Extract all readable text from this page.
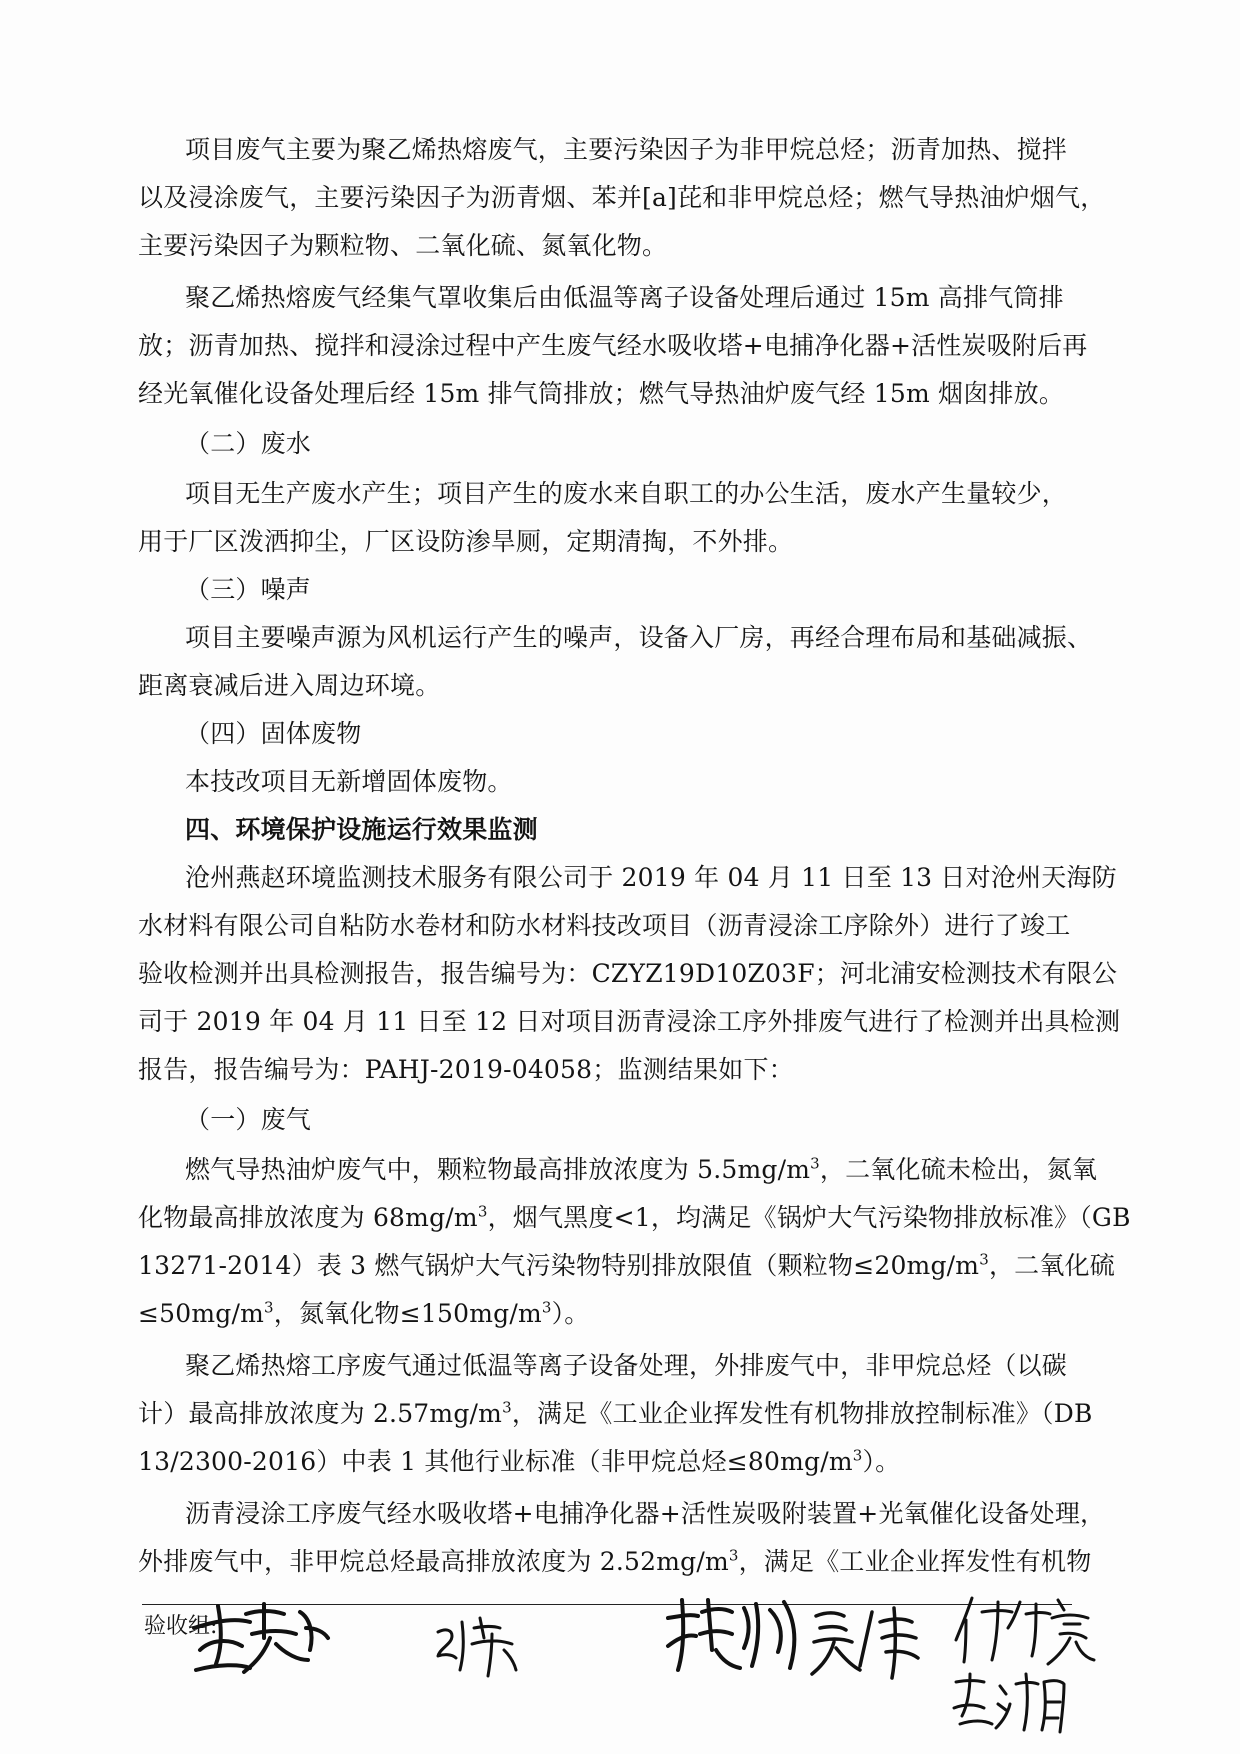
项目废气主要为聚乙烯热熔废气，主要污染因子为非甲烷总烃；沥青加热、搅拌
以及浸涂废气，主要污染因子为沥青烟、苯并[a]芘和非甲烷总烃；燃气导热油炉烟气，
主要污染因子为颗粒物、二氧化硫、氮氧化物。
聚乙烯热熔废气经集气罩收集后由低温等离子设备处理后通过 15m 高排气筒排
放；沥青加热、搅拌和浸涂过程中产生废气经水吸收塔+电捕净化器+活性炭吸附后再
经光氧催化设备处理后经 15m 排气筒排放；燃气导热油炉废气经 15m 烟囱排放。
（二）废水
项目无生产废水产生；项目产生的废水来自职工的办公生活，废水产生量较少，
用于厂区泼洒抑尘，厂区设防渗旱厕，定期清掏，不外排。
（三）噪声
项目主要噪声源为风机运行产生的噪声，设备入厂房，再经合理布局和基础减振、
距离衰减后进入周边环境。
（四）固体废物
本技改项目无新增固体废物。
四、环境保护设施运行效果监测
沧州燕赵环境监测技术服务有限公司于 2019 年 04 月 11 日至 13 日对沧州天海防
水材料有限公司自粘防水卷材和防水材料技改项目（沥青浸涂工序除外）进行了竣工
验收检测并出具检测报告，报告编号为：CZYZ19D10Z03F；河北浦安检测技术有限公
司于 2019 年 04 月 11 日至 12 日对项目沥青浸涂工序外排废气进行了检测并出具检测
报告，报告编号为：PAHJ-2019-04058；监测结果如下：
（一）废气
燃气导热油炉废气中，颗粒物最高排放浓度为 $5.5mg/m^3$，二氧化硫未检出，氮氧
化物最高排放浓度为 $68mg/m^3$，烟气黑度<1，均满足《锅炉大气污染物排放标准》（GB
13271-2014）表 3 燃气锅炉大气污染物特别排放限值（颗粒物$\le 20mg/m^3$，二氧化硫
$\le 50mg/m^3$，氮氧化物$\le 150mg/m^3$）。
聚乙烯热熔工序废气通过低温等离子设备处理，外排废气中，非甲烷总烃（以碳
计）最高排放浓度为 $2.57mg/m^3$，满足《工业企业挥发性有机物排放控制标准》（DB
13/2300-2016）中表 1 其他行业标准（非甲烷总烃$\le 80mg/m^3$）。
沥青浸涂工序废气经水吸收塔+电捕净化器+活性炭吸附装置+光氧催化设备处理，
外排废气中，非甲烷总烃最高排放浓度为 $2.52mg/m^3$，满足《工业企业挥发性有机物
验收组:
